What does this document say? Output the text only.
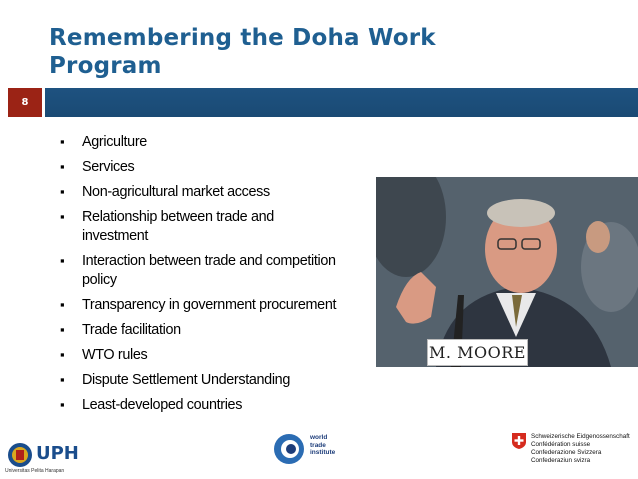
Remembering the Doha Work
Program
8
▪ Agriculture
▪ Services
▪ Non-agricultural market access
▪ Relationship between trade and
investment
▪ Interaction between trade and competition
policy
▪ Transparency in government procurement
▪ Trade facilitation
▪ WTO rules
▪ Dispute Settlement Understanding
▪ Least-developed countries
M. MOORE
UPH
Universitas Pelita Harapan
world
trade
institute
Schweizerische Eidgenossenschaft
Confédération suisse
Confederazione Svizzera
Confederaziun svizra
